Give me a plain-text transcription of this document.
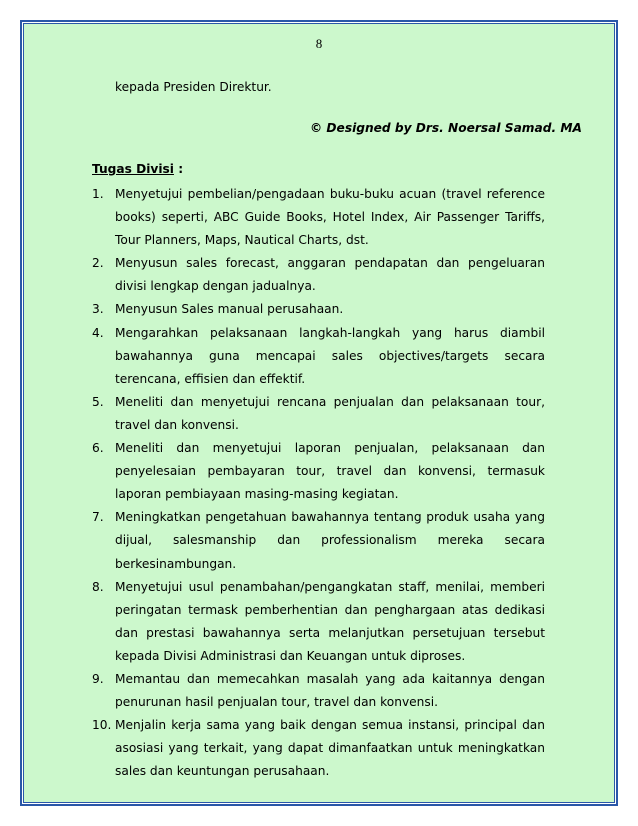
8
kepada Presiden Direktur.
© Designed by Drs. Noersal Samad. MA
Tugas Divisi :
1. Menyetujui pembelian/pengadaan buku-buku acuan (travel reference books) seperti, ABC Guide Books, Hotel Index, Air Passenger Tariffs, Tour Planners, Maps, Nautical Charts, dst.
2. Menyusun sales forecast, anggaran pendapatan dan pengeluaran divisi lengkap dengan jadualnya.
3. Menyusun Sales manual perusahaan.
4. Mengarahkan pelaksanaan langkah-langkah yang harus diambil bawahannya guna mencapai sales objectives/targets secara terencana, effisien dan effektif.
5. Meneliti dan menyetujui rencana penjualan dan pelaksanaan tour, travel dan konvensi.
6. Meneliti dan menyetujui laporan penjualan, pelaksanaan dan penyelesaian pembayaran tour, travel dan konvensi, termasuk laporan pembiayaan masing-masing kegiatan.
7. Meningkatkan pengetahuan bawahannya tentang produk usaha yang dijual, salesmanship dan professionalism mereka secara berkesinambungan.
8. Menyetujui usul penambahan/pengangkatan staff, menilai, memberi peringatan termask pemberhentian dan penghargaan atas dedikasi dan prestasi bawahannya serta melanjutkan persetujuan tersebut kepada Divisi Administrasi dan Keuangan untuk diproses.
9. Memantau dan memecahkan masalah yang ada kaitannya dengan penurunan hasil penjualan tour, travel dan konvensi.
10. Menjalin kerja sama yang baik dengan semua instansi, principal dan asosiasi yang terkait, yang dapat dimanfaatkan untuk meningkatkan sales dan keuntungan perusahaan.
